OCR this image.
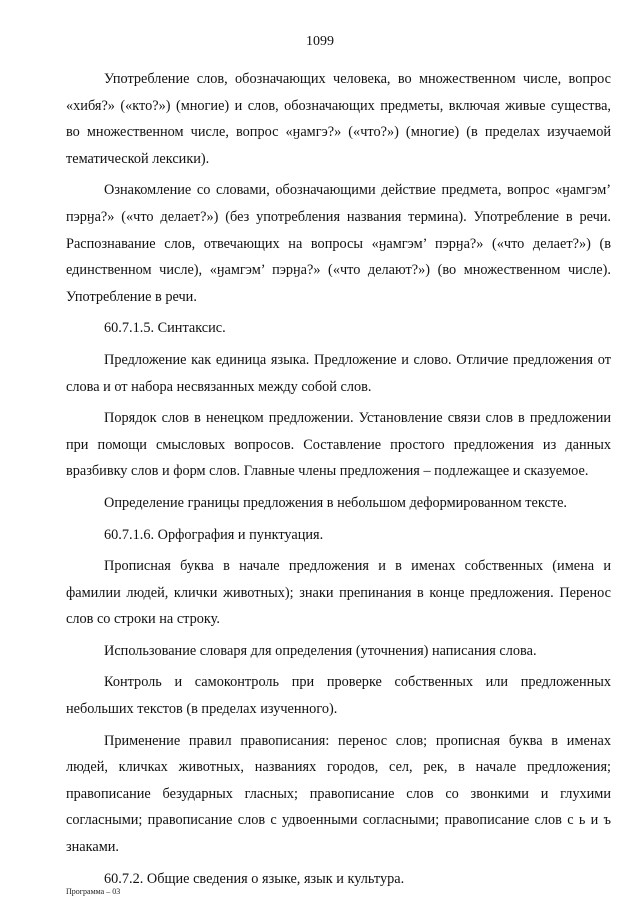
1099

Употребление слов, обозначающих человека, во множественном числе, вопрос «хибя?» («кто?») (многие) и слов, обозначающих предметы, включая живые существа, во множественном числе, вопрос «ӈамгэ?» («что?») (многие) (в пределах изучаемой тематической лексики).

Ознакомление со словами, обозначающими действие предмета, вопрос «ӈамгэм’ пэрӈа?» («что делает?») (без употребления названия термина). Употребление в речи. Распознавание слов, отвечающих на вопросы «ӈамгэм’ пэрӈа?» («что делает?») (в единственном числе), «ӈамгэм’ пэрӈа?» («что делают?») (во множественном числе). Употребление в речи.

60.7.1.5. Синтаксис.

Предложение как единица языка. Предложение и слово. Отличие предложения от слова и от набора несвязанных между собой слов.

Порядок слов в ненецком предложении. Установление связи слов в предложении при помощи смысловых вопросов. Составление простого предложения из данных вразбивку слов и форм слов. Главные члены предложения – подлежащее и сказуемое.

Определение границы предложения в небольшом деформированном тексте.

60.7.1.6. Орфография и пунктуация.

Прописная буква в начале предложения и в именах собственных (имена и фамилии людей, клички животных); знаки препинания в конце предложения. Перенос слов со строки на строку.

Использование словаря для определения (уточнения) написания слова.

Контроль и самоконтроль при проверке собственных или предложенных небольших текстов (в пределах изученного).

Применение правил правописания: перенос слов; прописная буква в именах людей, кличках животных, названиях городов, сел, рек, в начале предложения; правописание безударных гласных; правописание слов со звонкими и глухими согласными; правописание слов с удвоенными согласными; правописание слов с ь и ъ знаками.

60.7.2. Общие сведения о языке, язык и культура.

Программа – 03
